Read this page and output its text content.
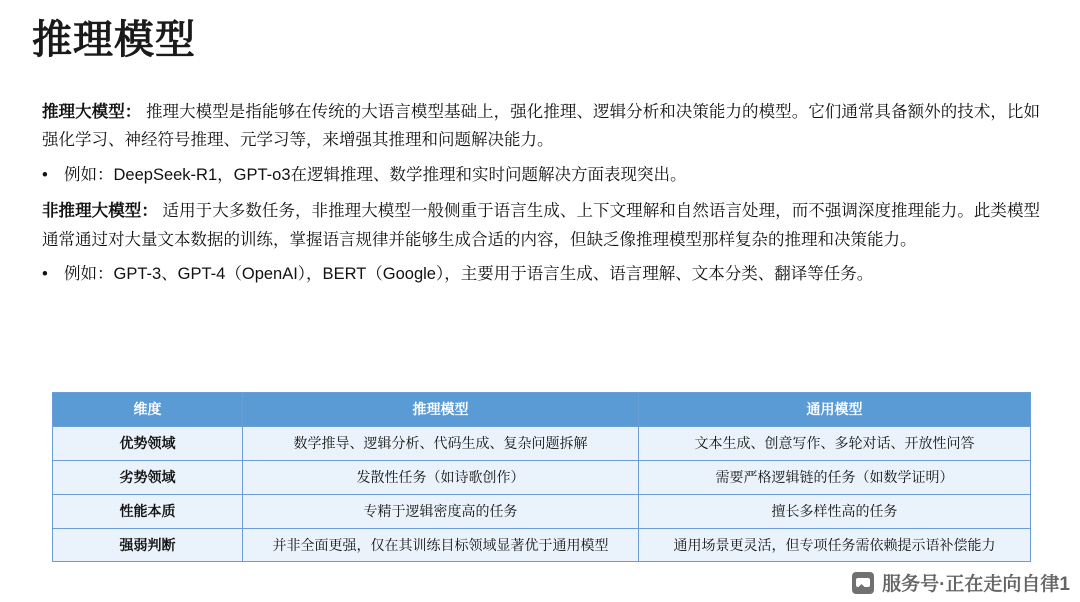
推理模型

推理大模型： 推理大模型是指能够在传统的大语言模型基础上，强化推理、逻辑分析和决策能力的模型。它们通常具备额外的技术，比如强化学习、神经符号推理、元学习等，来增强其推理和问题解决能力。

• 例如：DeepSeek-R1，GPT-o3在逻辑推理、数学推理和实时问题解决方面表现突出。

非推理大模型： 适用于大多数任务，非推理大模型一般侧重于语言生成、上下文理解和自然语言处理，而不强调深度推理能力。此类模型通常通过对大量文本数据的训练，掌握语言规律并能够生成合适的内容，但缺乏像推理模型那样复杂的推理和决策能力。

• 例如：GPT-3、GPT-4（OpenAI），BERT（Google），主要用于语言生成、语言理解、文本分类、翻译等任务。
维度	推理模型	通用模型
优势领域	数学推导、逻辑分析、代码生成、复杂问题拆解	文本生成、创意写作、多轮对话、开放性问答
劣势领域	发散性任务（如诗歌创作）	需要严格逻辑链的任务（如数学证明）
性能本质	专精于逻辑密度高的任务	擅长多样性高的任务
强弱判断	并非全面更强，仅在其训练目标领域显著优于通用模型	通用场景更灵活，但专项任务需依赖提示语补偿能力
服务号·正在走向自律1
